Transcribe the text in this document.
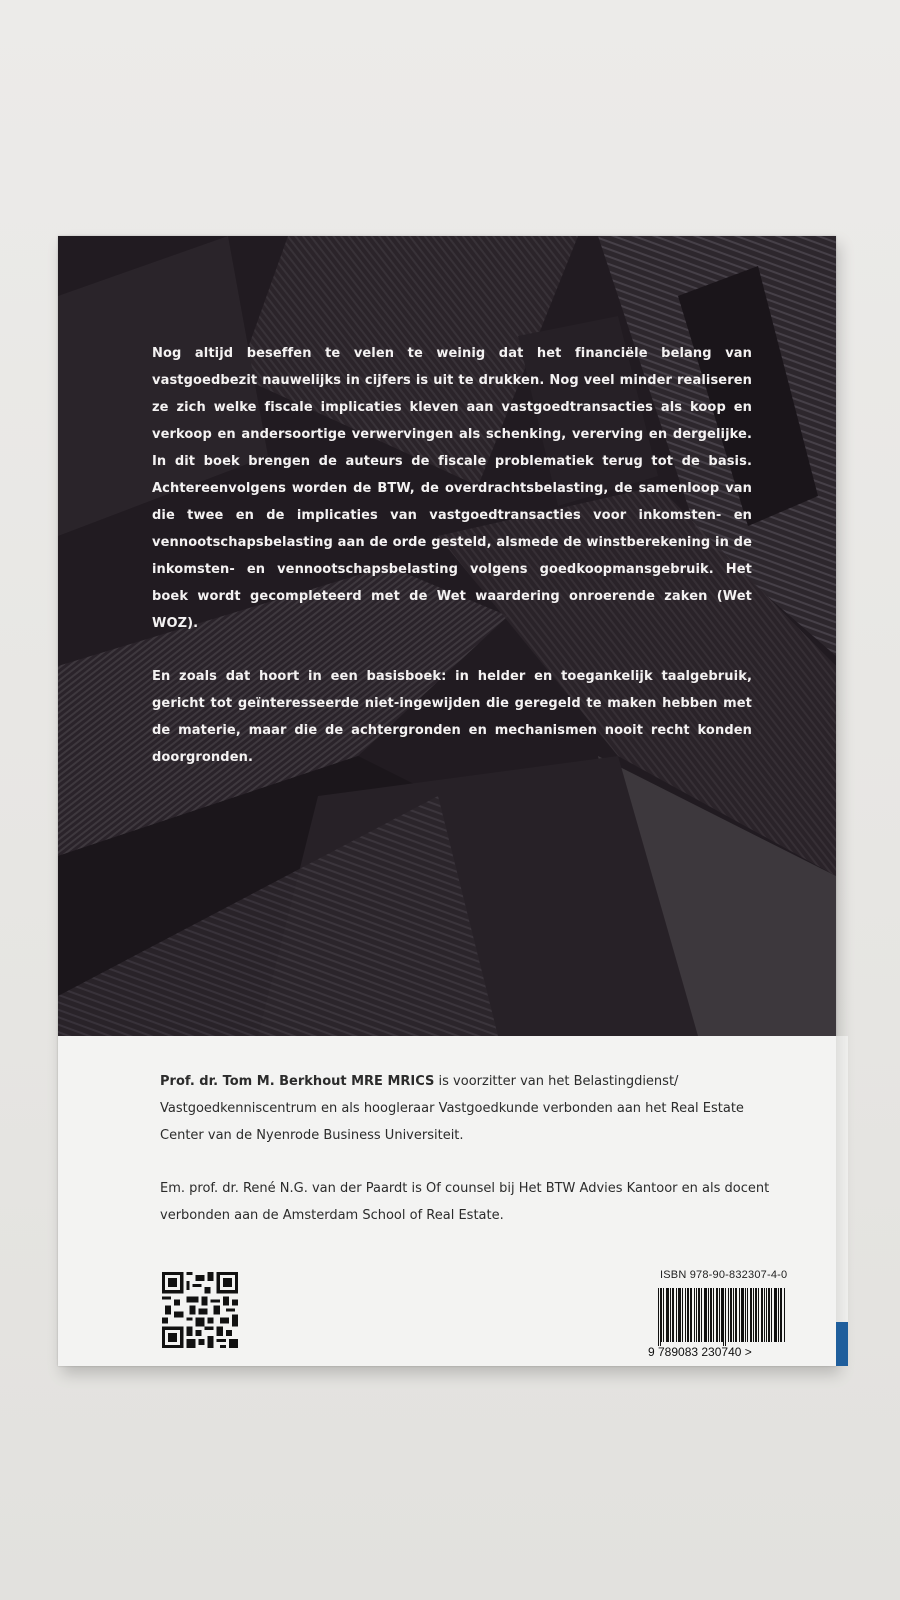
Nog altijd beseffen te velen te weinig dat het financiële belang van vastgoedbezit nauwelijks in cijfers is uit te drukken. Nog veel minder realiseren ze zich welke fiscale implicaties kleven aan vastgoedtransacties als koop en verkoop en andersoortige verwervingen als schenking, vererving en dergelijke. In dit boek brengen de auteurs de fiscale problematiek terug tot de basis. Achtereenvolgens worden de BTW, de overdrachtsbelasting, de samenloop van die twee en de implicaties van vastgoedtransacties voor inkomsten- en vennootschapsbelasting aan de orde gesteld, alsmede de winstberekening in de inkomsten- en vennootschapsbelasting volgens goedkoopmansgebruik. Het boek wordt gecompleteerd met de Wet waardering onroerende zaken (Wet WOZ).

En zoals dat hoort in een basisboek: in helder en toegankelijk taalgebruik, gericht tot geïnteresseerde niet-ingewijden die geregeld te maken hebben met de materie, maar die de achtergronden en mechanismen nooit recht konden doorgronden.

Prof. dr. Tom M. Berkhout MRE MRICS is voorzitter van het Belastingdienst/ Vastgoedkenniscentrum en als hoogleraar Vastgoedkunde verbonden aan het Real Estate Center van de Nyenrode Business Universiteit.

Em. prof. dr. René N.G. van der Paardt is Of counsel bij Het BTW Advies Kantoor en als docent verbonden aan de Amsterdam School of Real Estate.

ISBN 978-90-832307-4-0
9 789083 230740 >
